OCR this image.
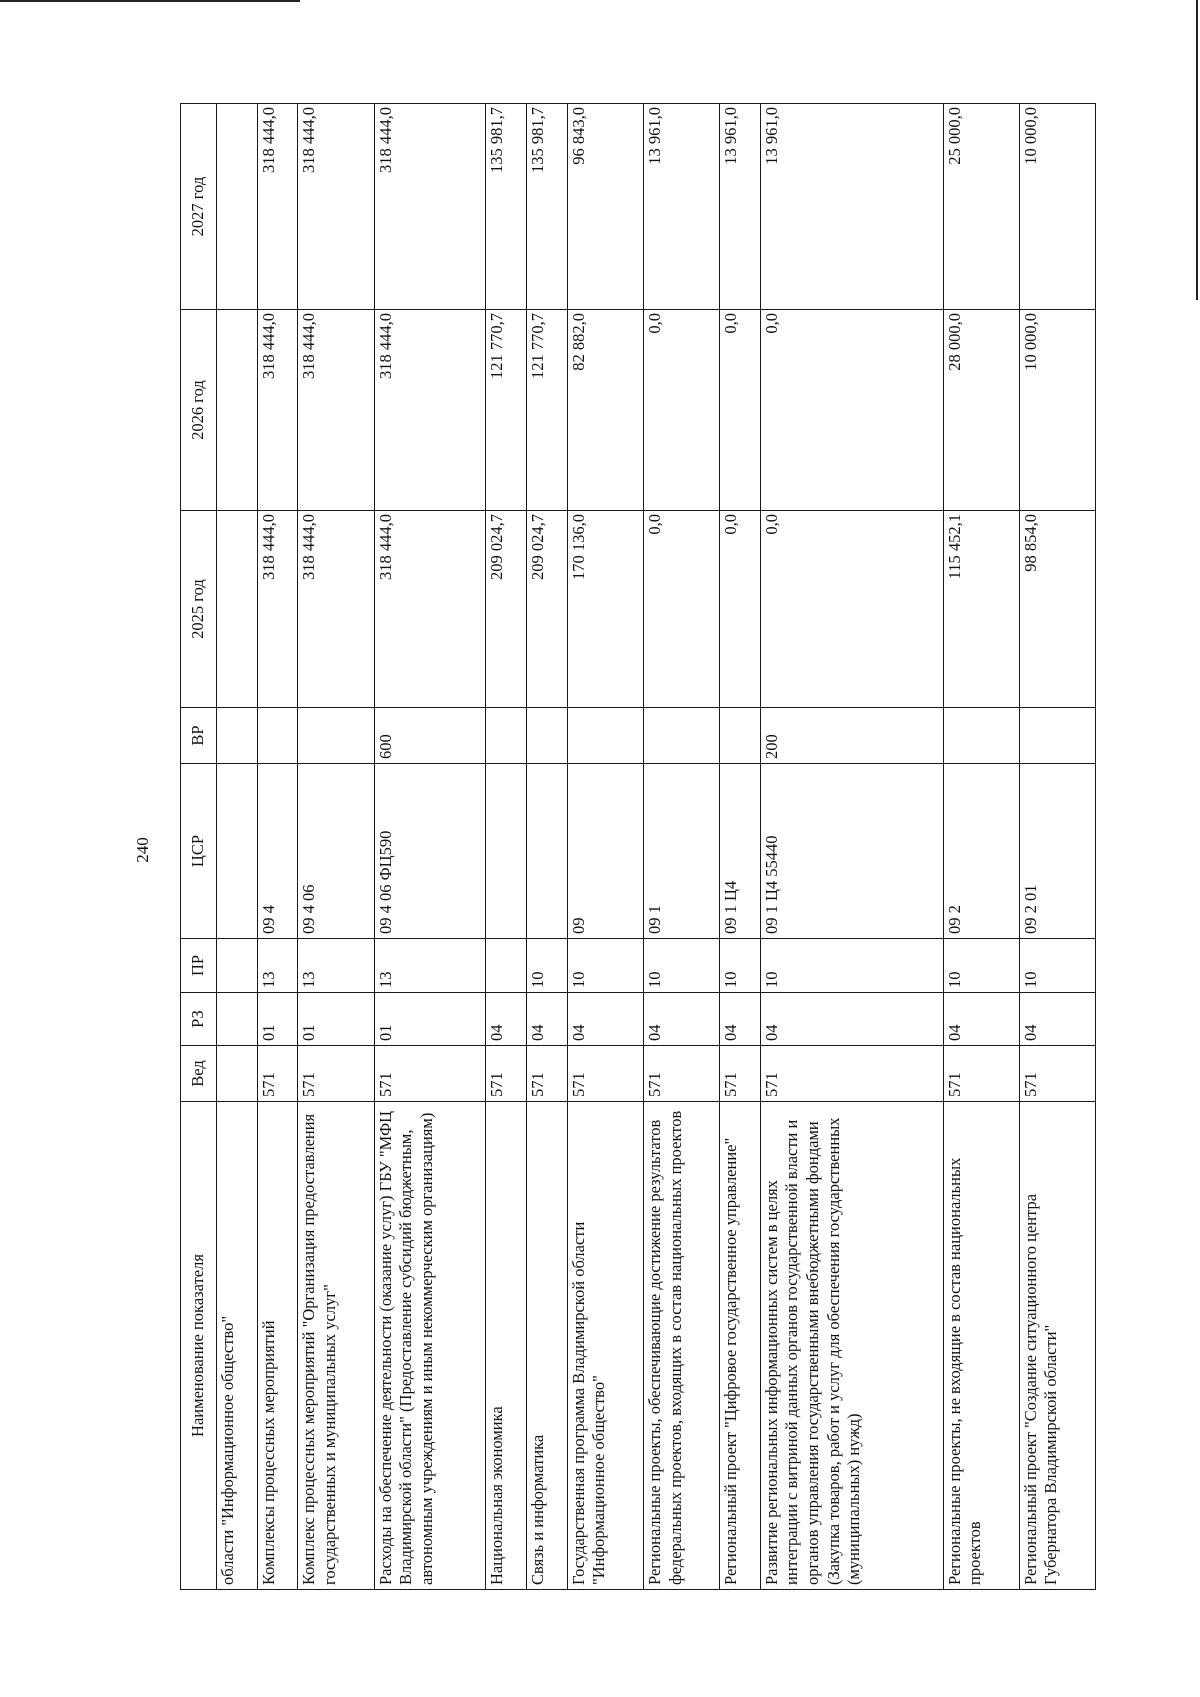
240
Наименование показателя	Вед	РЗ	ПР	ЦСР	ВР	2025 год	2026 год	2027 год
области "Информационное общество"								
Комплексы процессных мероприятий	571	01	13	09 4		318 444,0	318 444,0	318 444,0
Комплекс процессных мероприятий "Организация предоставления государственных и муниципальных услуг"	571	01	13	09 4 06		318 444,0	318 444,0	318 444,0
Расходы на обеспечение деятельности (оказание услуг) ГБУ "МФЦ Владимирской области" (Предоставление субсидий бюджетным, автономным учреждениям и иным некоммерческим организациям)	571	01	13	09 4 06 ФЦ590	600	318 444,0	318 444,0	318 444,0
Национальная экономика	571	04				209 024,7	121 770,7	135 981,7
Связь и информатика	571	04	10			209 024,7	121 770,7	135 981,7
Государственная программа Владимирской области "Информационное общество"	571	04	10	09		170 136,0	82 882,0	96 843,0
Региональные проекты, обеспечивающие достижение результатов федеральных проектов, входящих в состав национальных проектов	571	04	10	09 1		0,0	0,0	13 961,0
Региональный проект "Цифровое государственное управление"	571	04	10	09 1 Ц4		0,0	0,0	13 961,0
Развитие региональных информационных систем в целях интеграции с витриной данных органов государственной власти и органов управления государственными внебюджетными фондами (Закупка товаров, работ и услуг для обеспечения государственных (муниципальных) нужд)	571	04	10	09 1 Ц4 55440	200	0,0	0,0	13 961,0
Региональные проекты, не входящие в состав национальных проектов	571	04	10	09 2		115 452,1	28 000,0	25 000,0
Региональный проект "Создание ситуационного центра Губернатора Владимирской области"	571	04	10	09 2 01		98 854,0	10 000,0	10 000,0
